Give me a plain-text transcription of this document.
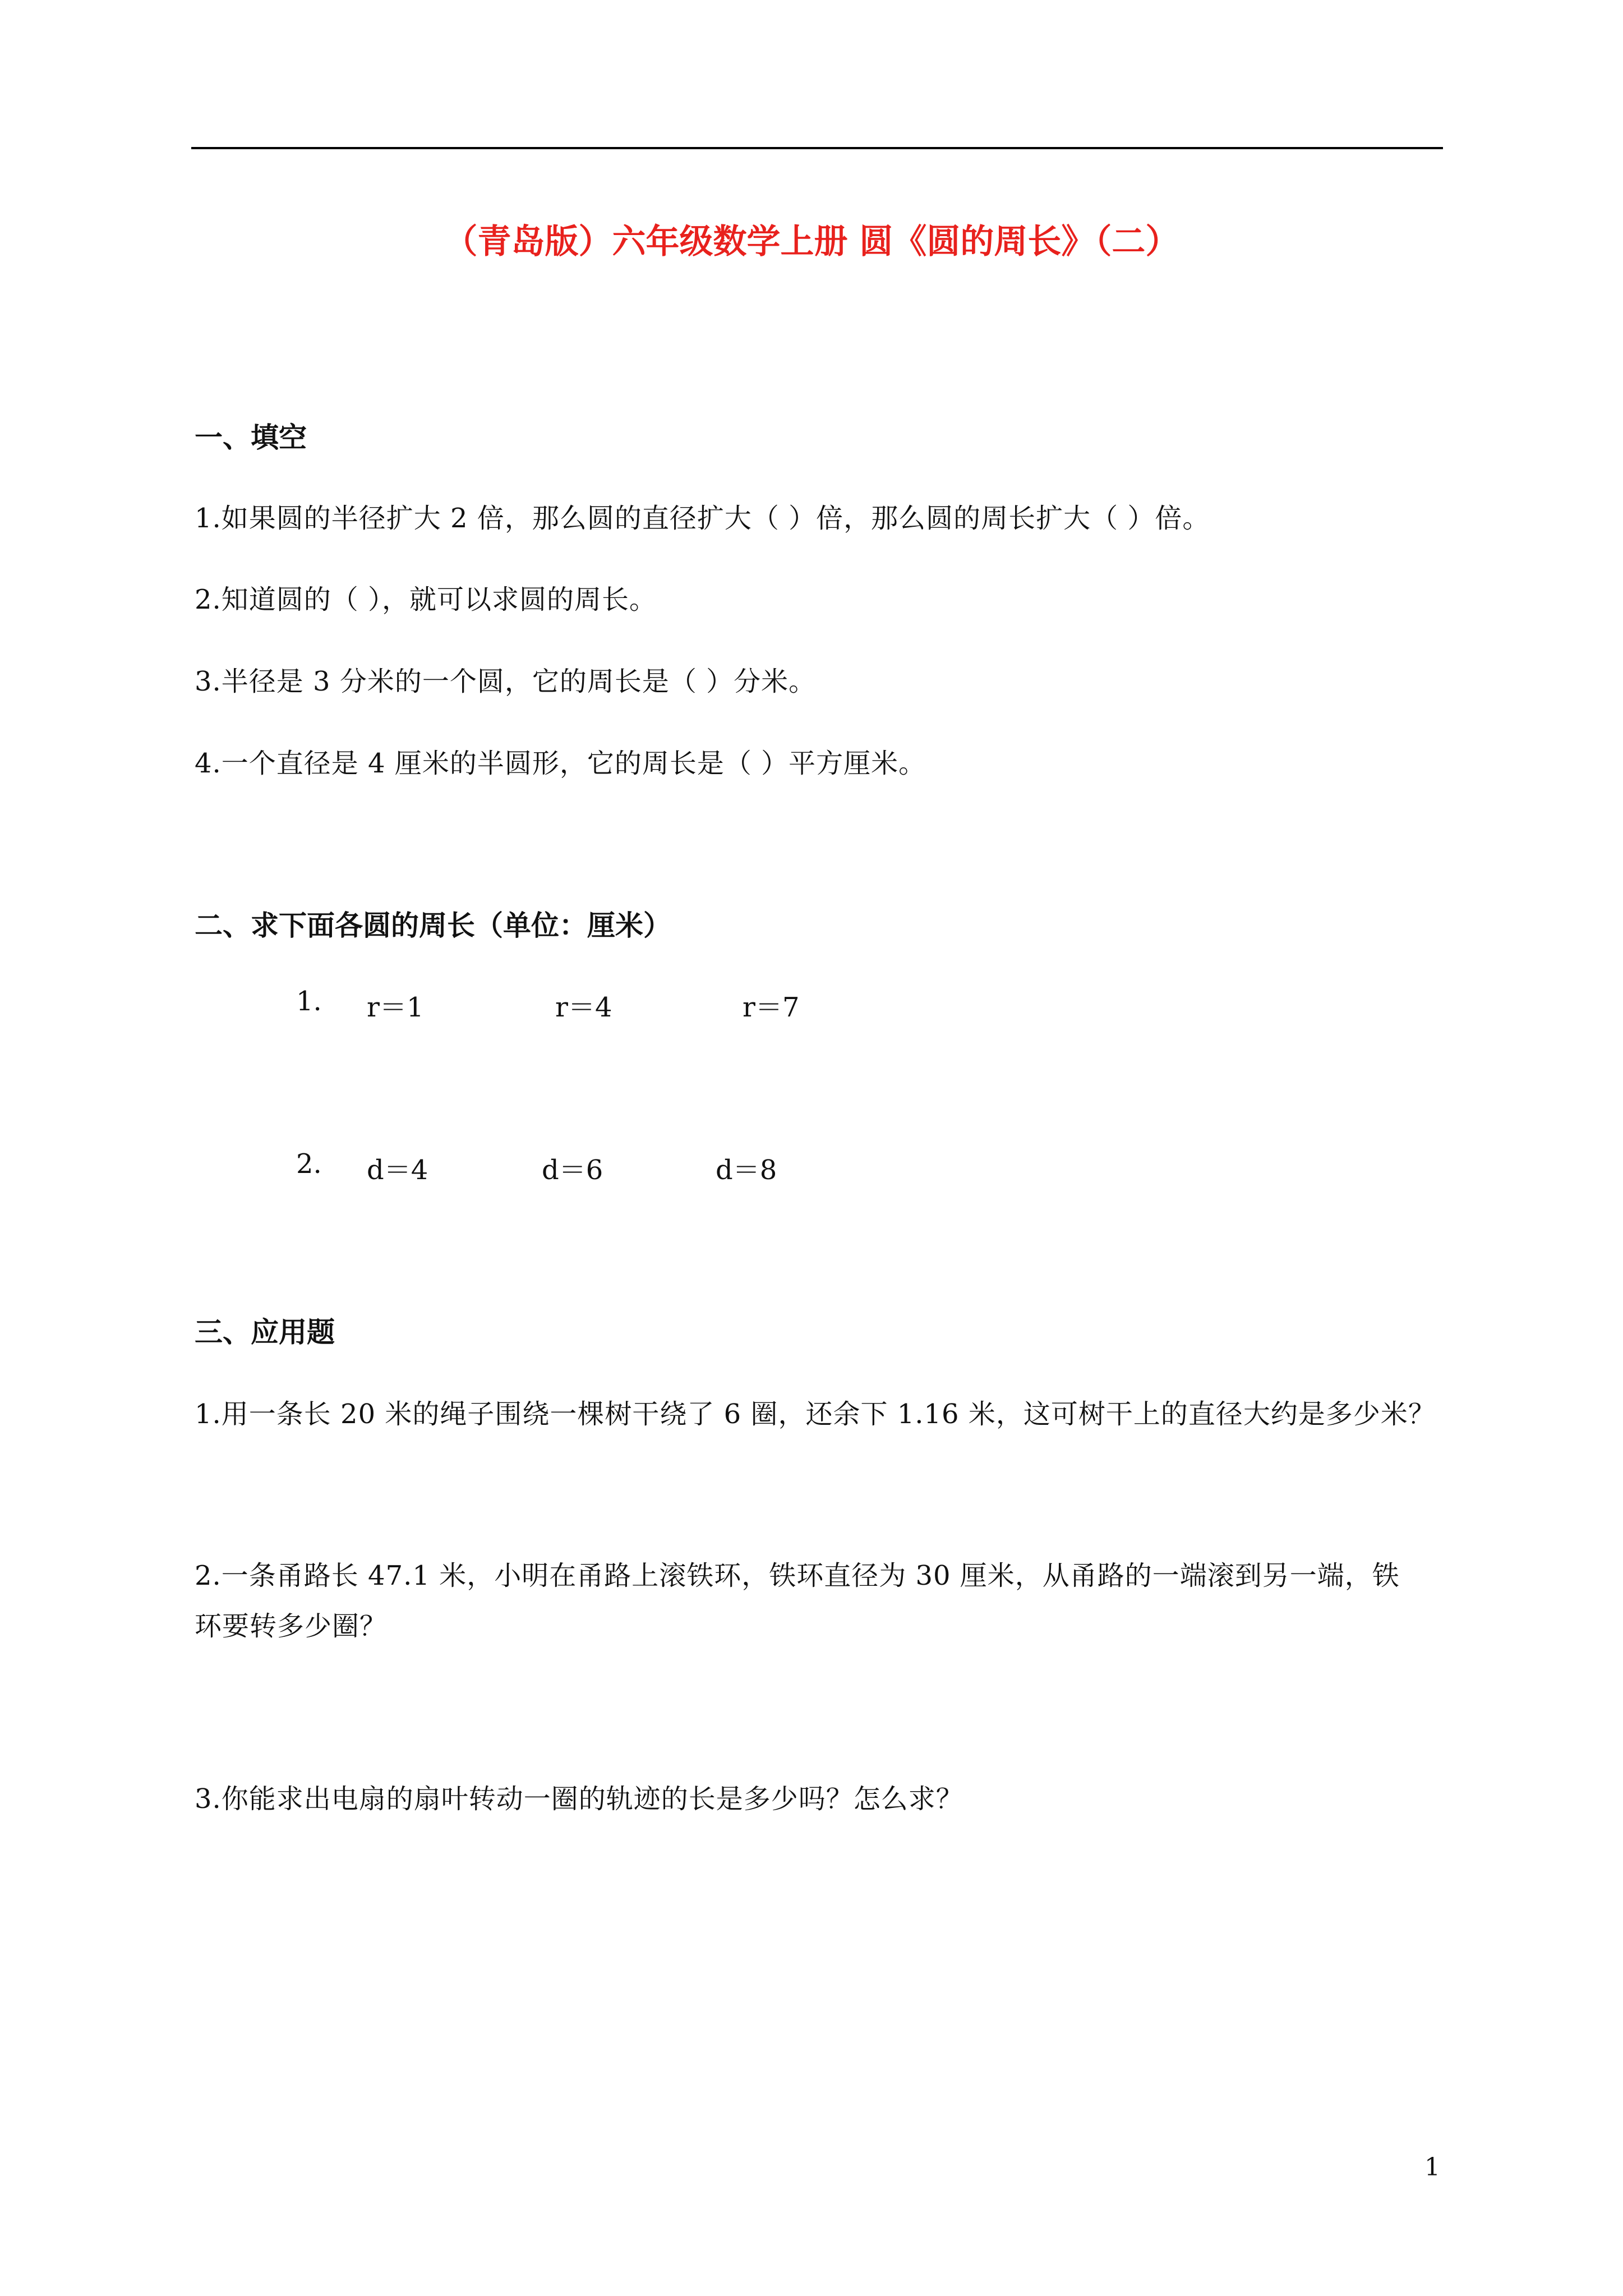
（青岛版）六年级数学上册 圆《圆的周长》（二）
一、填空
1.如果圆的半径扩大 2 倍，那么圆的直径扩大（ ）倍，那么圆的周长扩大（ ）倍。
2.知道圆的（ ），就可以求圆的周长。
3.半径是 3 分米的一个圆，它的周长是（ ）分米。
4.一个直径是 4 厘米的半圆形，它的周长是（ ）平方厘米。
二、求下面各圆的周长（单位：厘米）
1. r＝1	r＝4	r＝7
2. d＝4	d＝6	d＝8
三、应用题
1.用一条长 20 米的绳子围绕一棵树干绕了 6 圈，还余下 1.16 米，这可树干上的直径大约是多少米？
2.一条甬路长 47.1 米，小明在甬路上滚铁环，铁环直径为 30 厘米，从甬路的一端滚到另一端，铁
环要转多少圈？
3.你能求出电扇的扇叶转动一圈的轨迹的长是多少吗？怎么求？
1
